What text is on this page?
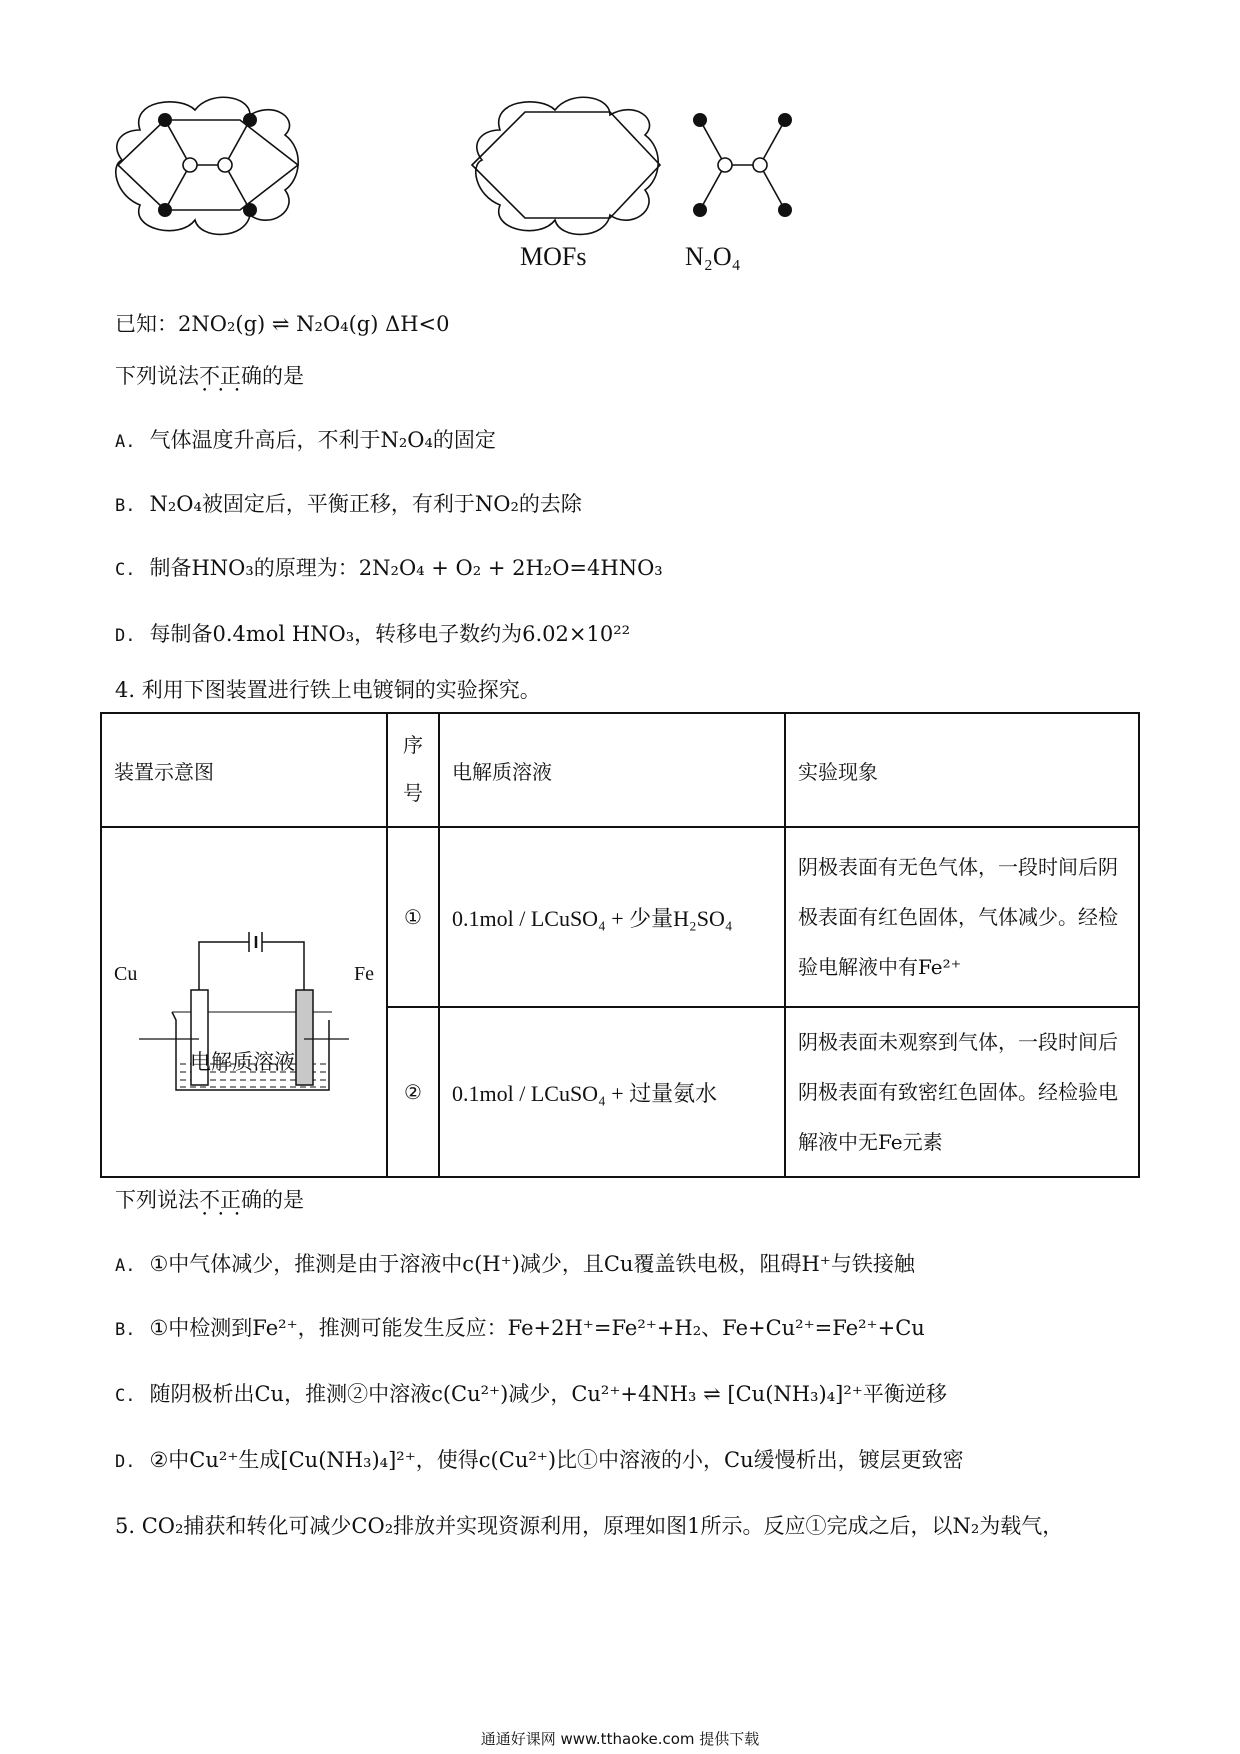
MOFs	N₂O₄
已知：2NO₂(g) ⇌ N₂O₄(g) ΔH<0
下列说法不正确 • • •的是
A. 气体温度升高后，不利于N₂O₄的固定
B. N₂O₄被固定后，平衡正移，有利于NO₂的去除
C. 制备HNO₃的原理为：2N₂O₄ + O₂ + 2H₂O=4HNO₃
D. 每制备0.4mol HNO₃，转移电子数约为6.02×10²²
4. 利用下图装置进行铁上电镀铜的实验探究。
装置示意图	序号	电解质溶液	实验现象

Cu Fe
电解质溶液	①	0.1mol / LCuSO₄ + 少量H₂SO₄	阴极表面有无色气体，一段时间后阴极表面有红色固体，气体减少。经检验电解液中有Fe²⁺
	②	0.1mol / LCuSO₄ + 过量氨水	阴极表面未观察到气体，一段时间后阴极表面有致密红色固体。经检验电解液中无Fe元素
下列说法不正确 • • •的是
A. ①中气体减少，推测是由于溶液中c(H⁺)减少，且Cu覆盖铁电极，阻碍H⁺与铁接触
B. ①中检测到Fe²⁺，推测可能发生反应：Fe+2H⁺=Fe²⁺+H₂、Fe+Cu²⁺=Fe²⁺+Cu
C. 随阴极析出Cu，推测②中溶液c(Cu²⁺)减少，Cu²⁺+4NH₃ ⇌ [Cu(NH₃)₄]²⁺平衡逆移
D. ②中Cu²⁺生成[Cu(NH₃)₄]²⁺，使得c(Cu²⁺)比①中溶液的小，Cu缓慢析出，镀层更致密
5. CO₂捕获和转化可减少CO₂排放并实现资源利用，原理如图1所示。反应①完成之后，以N₂为载气，
通通好课网 www.tthaoke.com 提供下载
